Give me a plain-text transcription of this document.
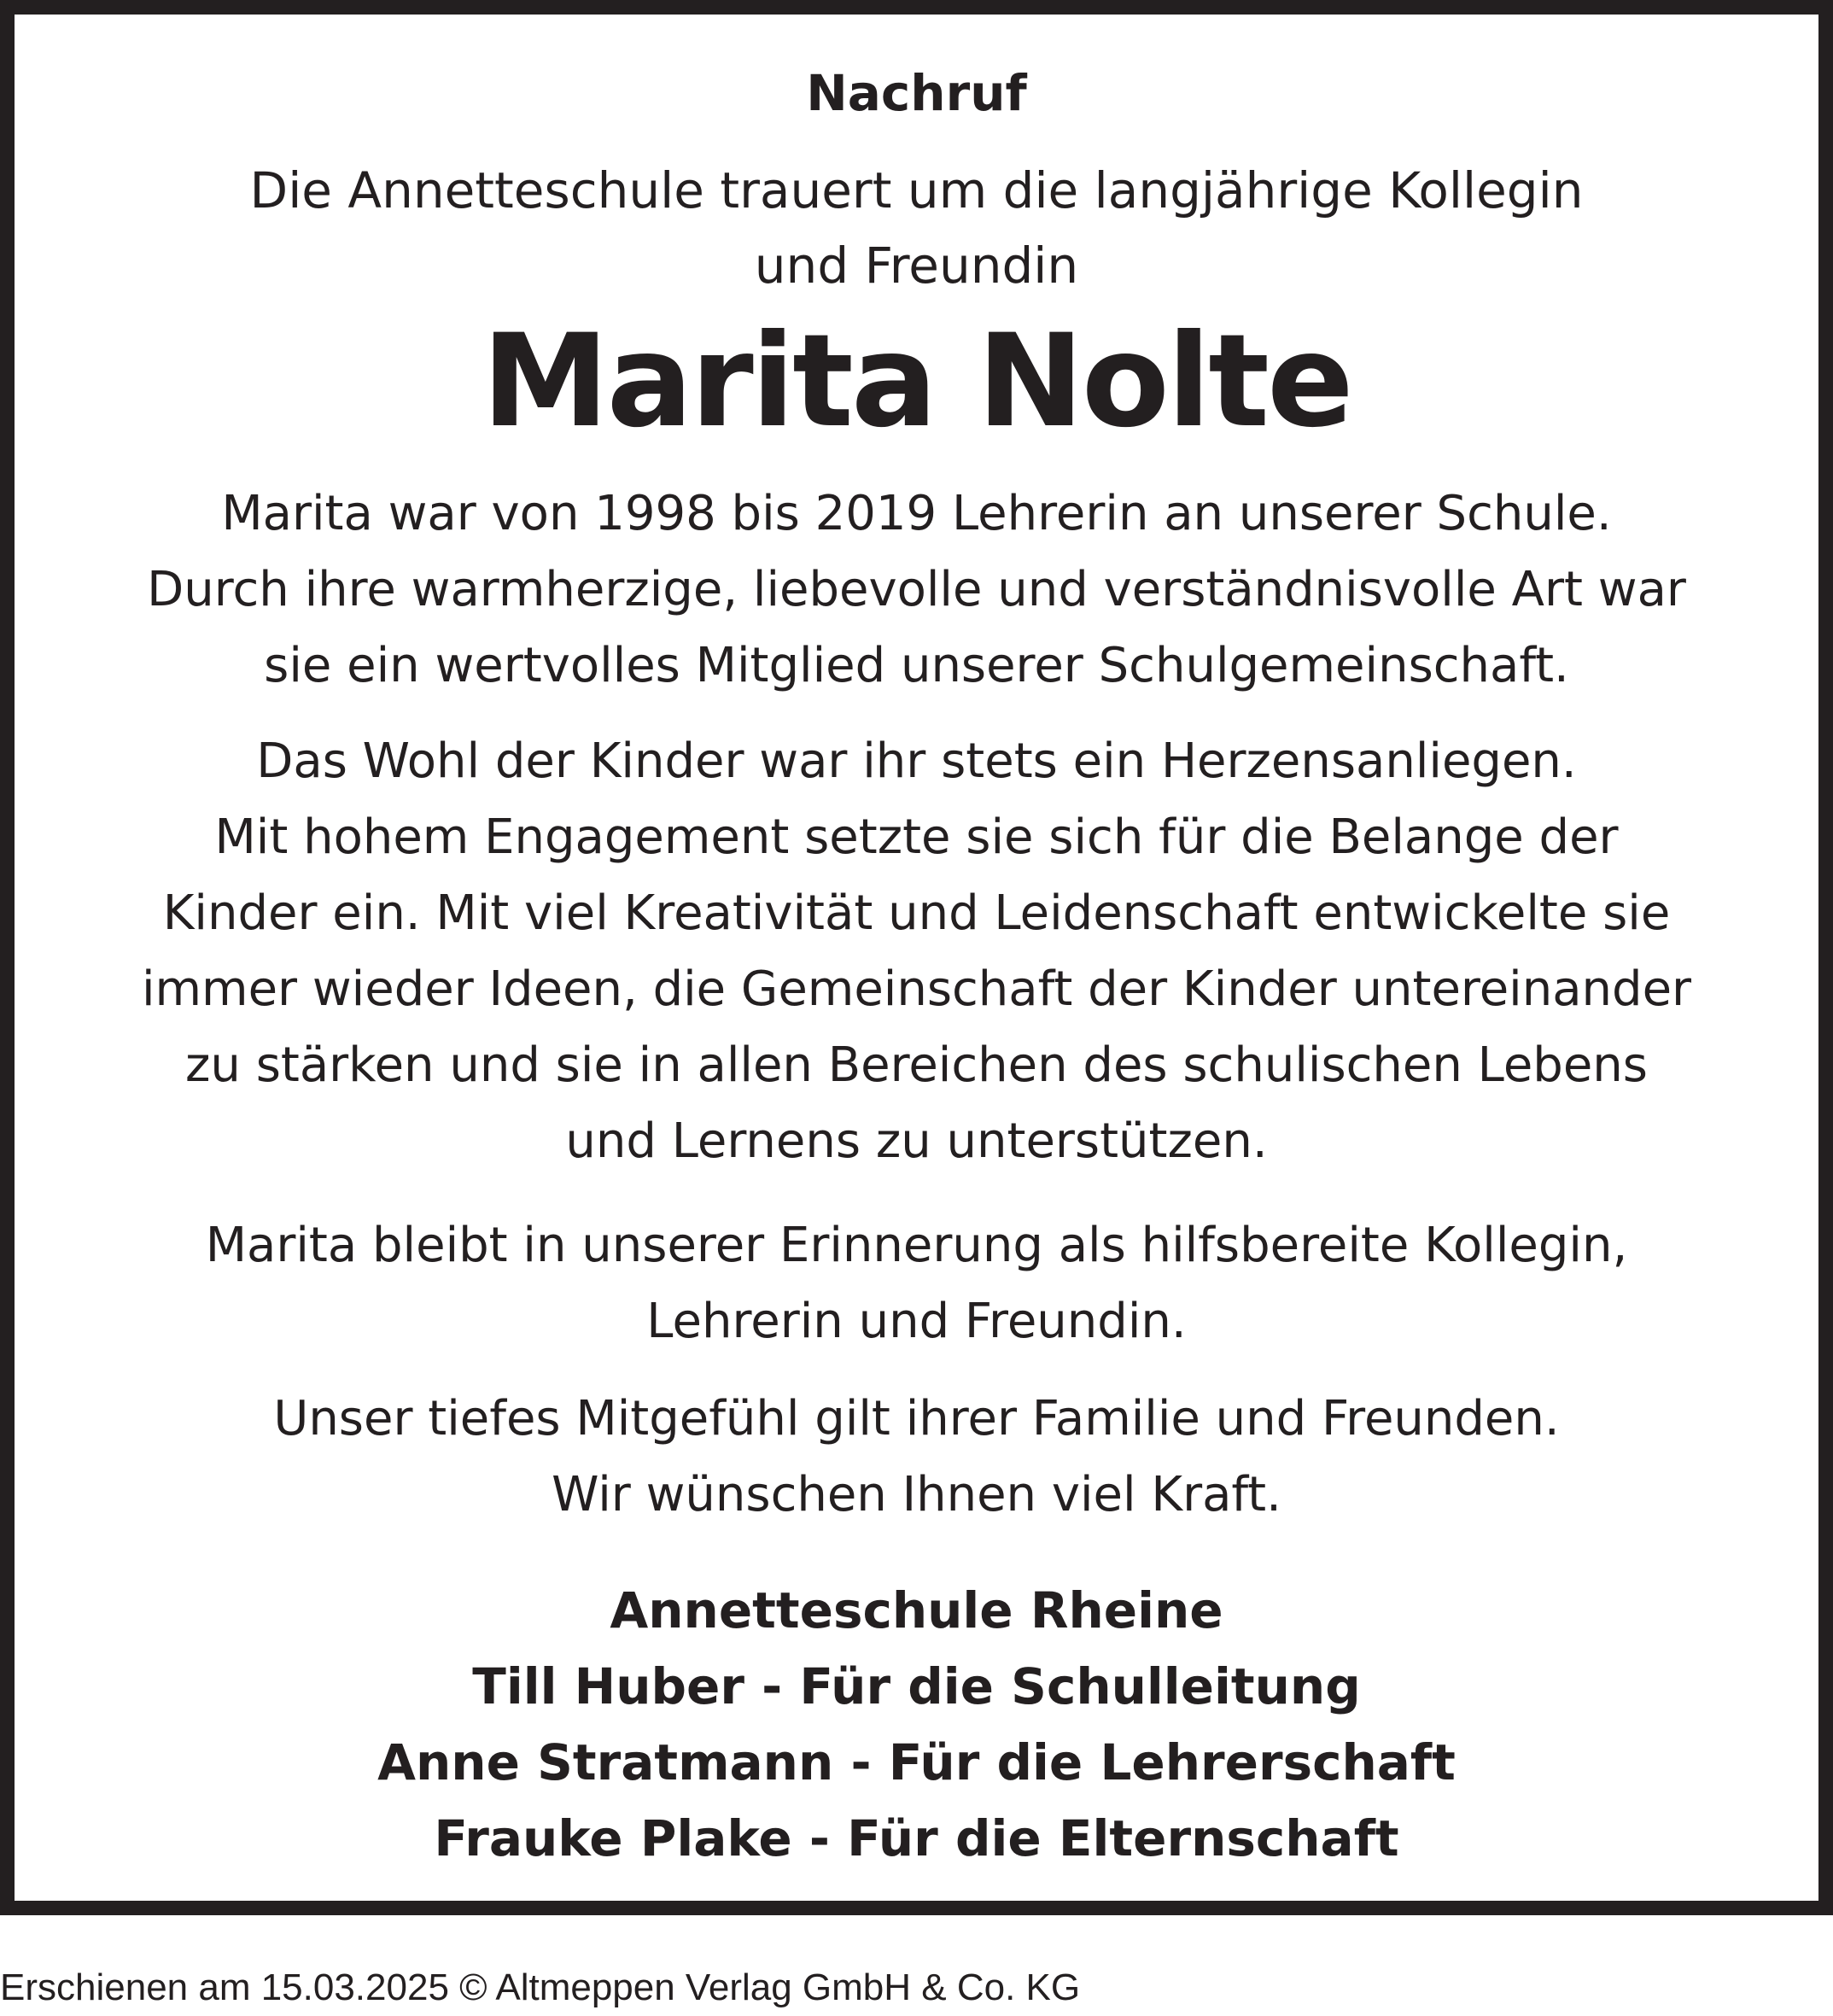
Nachruf
Die Annetteschule trauert um die langjährige Kollegin
und Freundin
Marita Nolte
Marita war von 1998 bis 2019 Lehrerin an unserer Schule.
Durch ihre warmherzige, liebevolle und verständnisvolle Art war
sie ein wertvolles Mitglied unserer Schulgemeinschaft.
Das Wohl der Kinder war ihr stets ein Herzensanliegen.
Mit hohem Engagement setzte sie sich für die Belange der
Kinder ein. Mit viel Kreativität und Leidenschaft entwickelte sie
immer wieder Ideen, die Gemeinschaft der Kinder untereinander
zu stärken und sie in allen Bereichen des schulischen Lebens
und Lernens zu unterstützen.
Marita bleibt in unserer Erinnerung als hilfsbereite Kollegin,
Lehrerin und Freundin.
Unser tiefes Mitgefühl gilt ihrer Familie und Freunden.
Wir wünschen Ihnen viel Kraft.
Annetteschule Rheine
Till Huber - Für die Schulleitung
Anne Stratmann - Für die Lehrerschaft
Frauke Plake - Für die Elternschaft
Erschienen am 15.03.2025 © Altmeppen Verlag GmbH & Co. KG
